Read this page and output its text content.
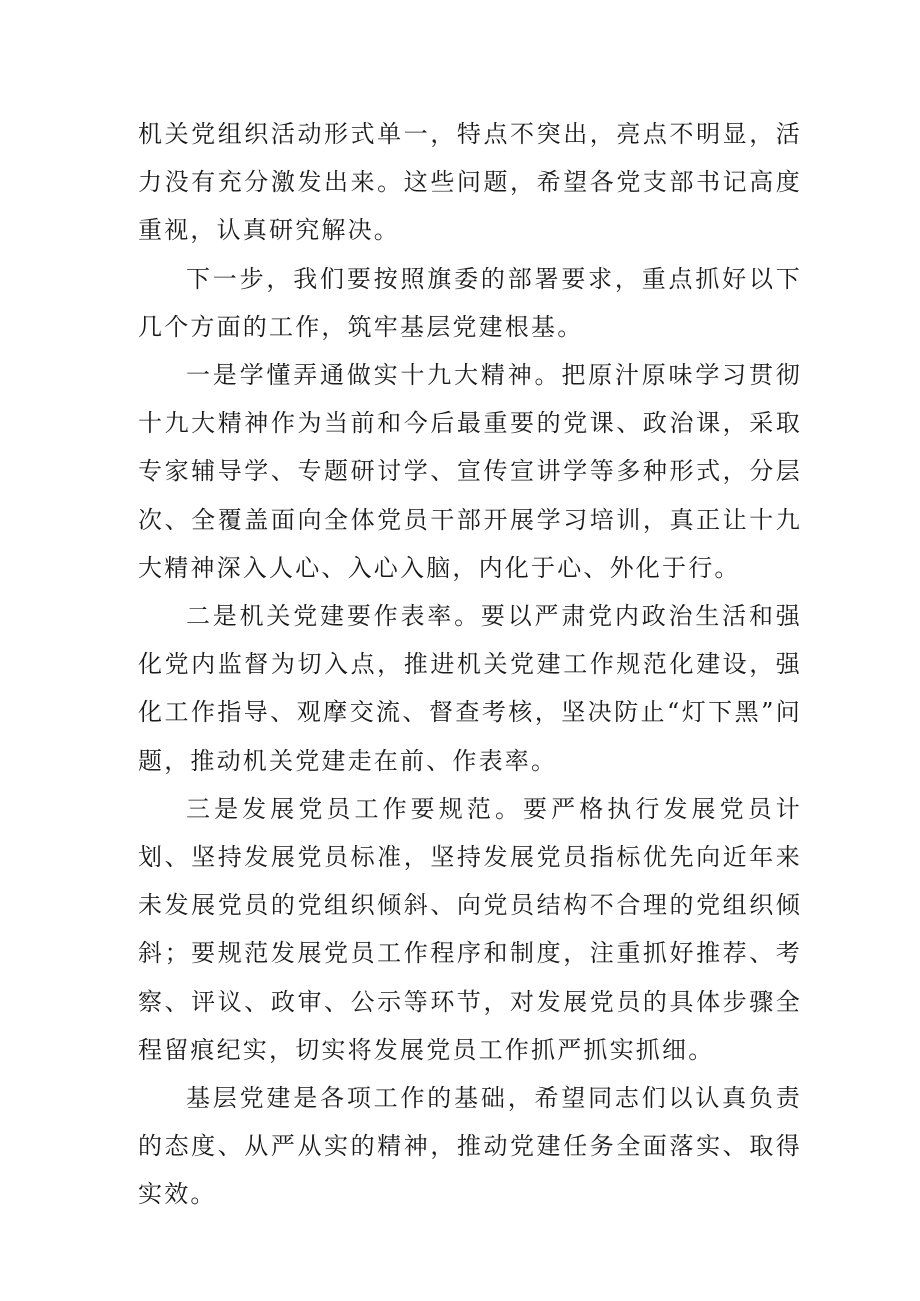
机关党组织活动形式单一，特点不突出，亮点不明显，活力没有充分激发出来。这些问题，希望各党支部书记高度重视，认真研究解决。

下一步，我们要按照旗委的部署要求，重点抓好以下几个方面的工作，筑牢基层党建根基。

一是学懂弄通做实十九大精神。把原汁原味学习贯彻十九大精神作为当前和今后最重要的党课、政治课，采取专家辅导学、专题研讨学、宣传宣讲学等多种形式，分层次、全覆盖面向全体党员干部开展学习培训，真正让十九大精神深入人心、入心入脑，内化于心、外化于行。

二是机关党建要作表率。要以严肃党内政治生活和强化党内监督为切入点，推进机关党建工作规范化建设，强化工作指导、观摩交流、督查考核，坚决防止“灯下黑”问题，推动机关党建走在前、作表率。

三是发展党员工作要规范。要严格执行发展党员计划、坚持发展党员标准，坚持发展党员指标优先向近年来未发展党员的党组织倾斜、向党员结构不合理的党组织倾斜；要规范发展党员工作程序和制度，注重抓好推荐、考察、评议、政审、公示等环节，对发展党员的具体步骤全程留痕纪实，切实将发展党员工作抓严抓实抓细。

基层党建是各项工作的基础，希望同志们以认真负责的态度、从严从实的精神，推动党建任务全面落实、取得实效。
